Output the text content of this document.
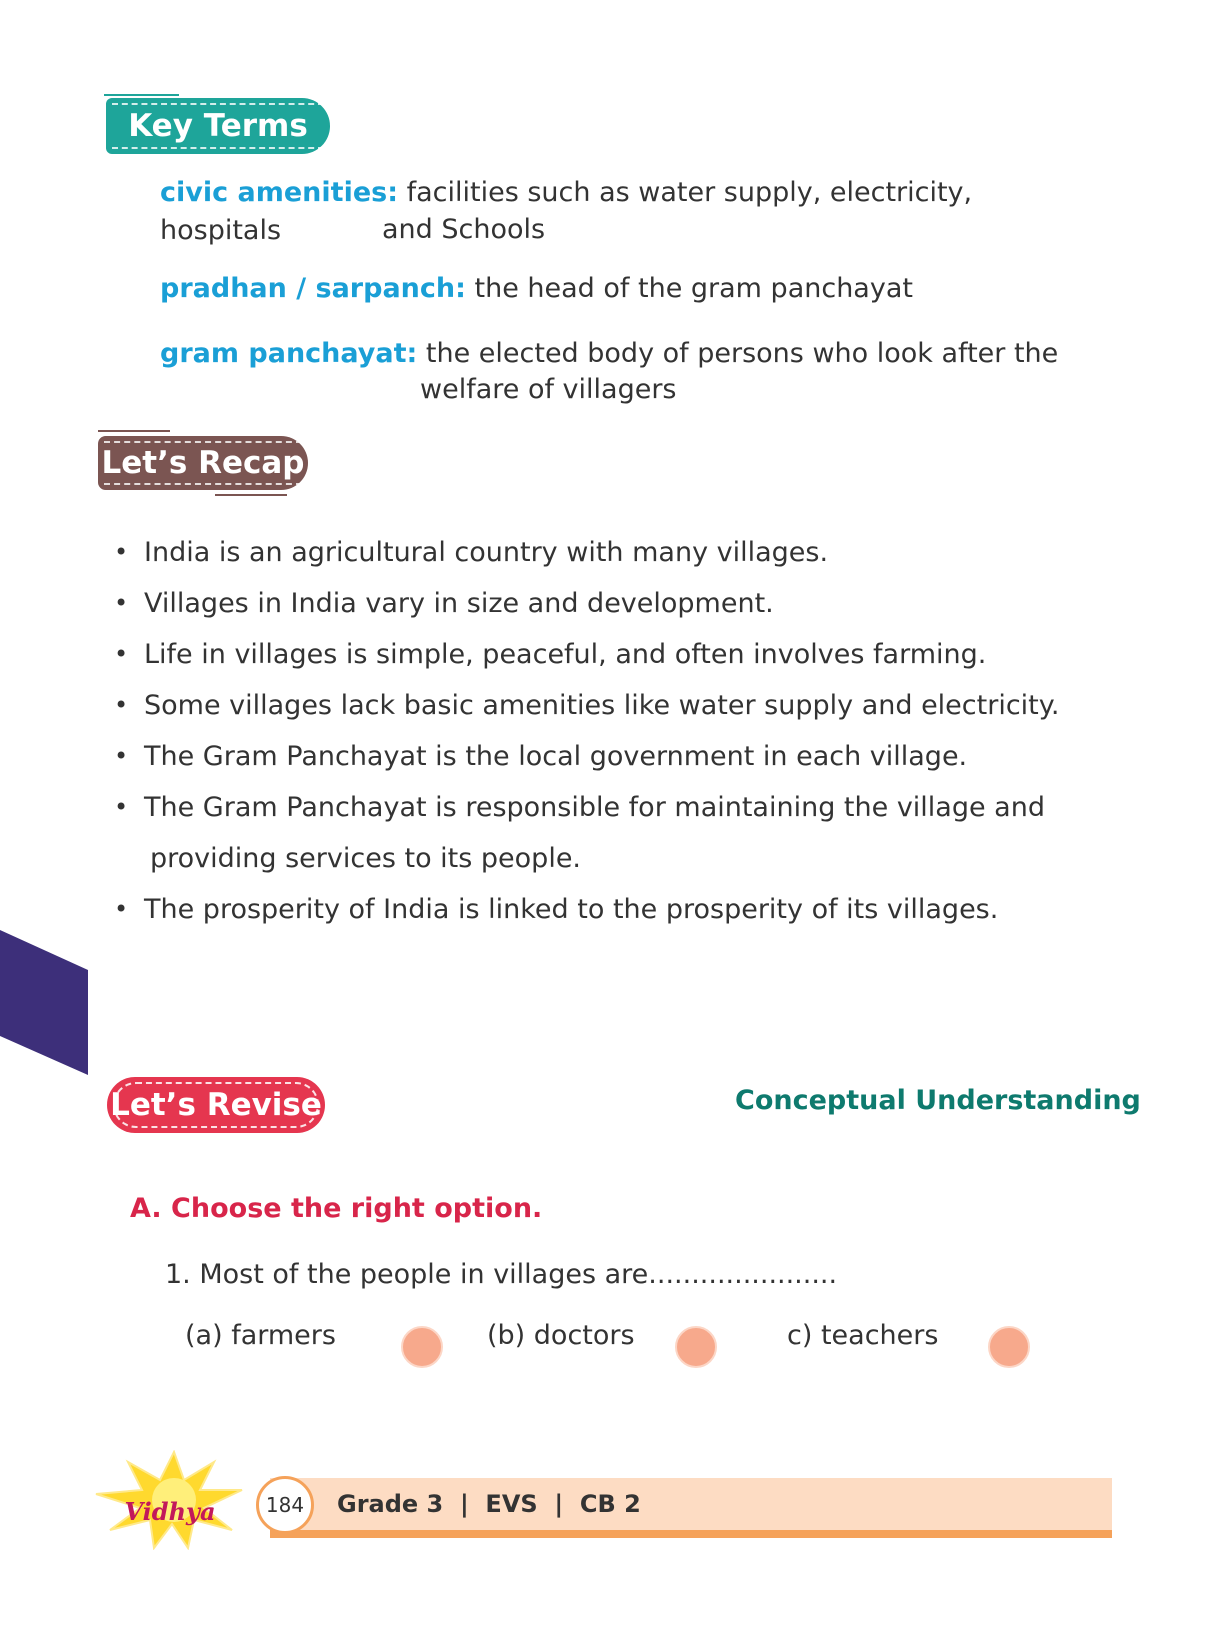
Key Terms
civic amenities: facilities such as water supply, electricity, hospitals	and Schools
pradhan / sarpanch: the head of the gram panchayat
gram panchayat: the elected body of persons who look after the
welfare of villagers
Let’s Recap
• India is an agricultural country with many villages.
• Villages in India vary in size and development.
• Life in villages is simple, peaceful, and often involves farming.
• Some villages lack basic amenities like water supply and electricity.
• The Gram Panchayat is the local government in each village.
• The Gram Panchayat is responsible for maintaining the village and
providing services to its people.
• The prosperity of India is linked to the prosperity of its villages.
Let’s Revise	Conceptual Understanding
A. Choose the right option.
1. Most of the people in villages are......................
(a) farmers	(b) doctors	c) teachers
184	Grade 3  |  EVS  |  CB 2
Vidhya
